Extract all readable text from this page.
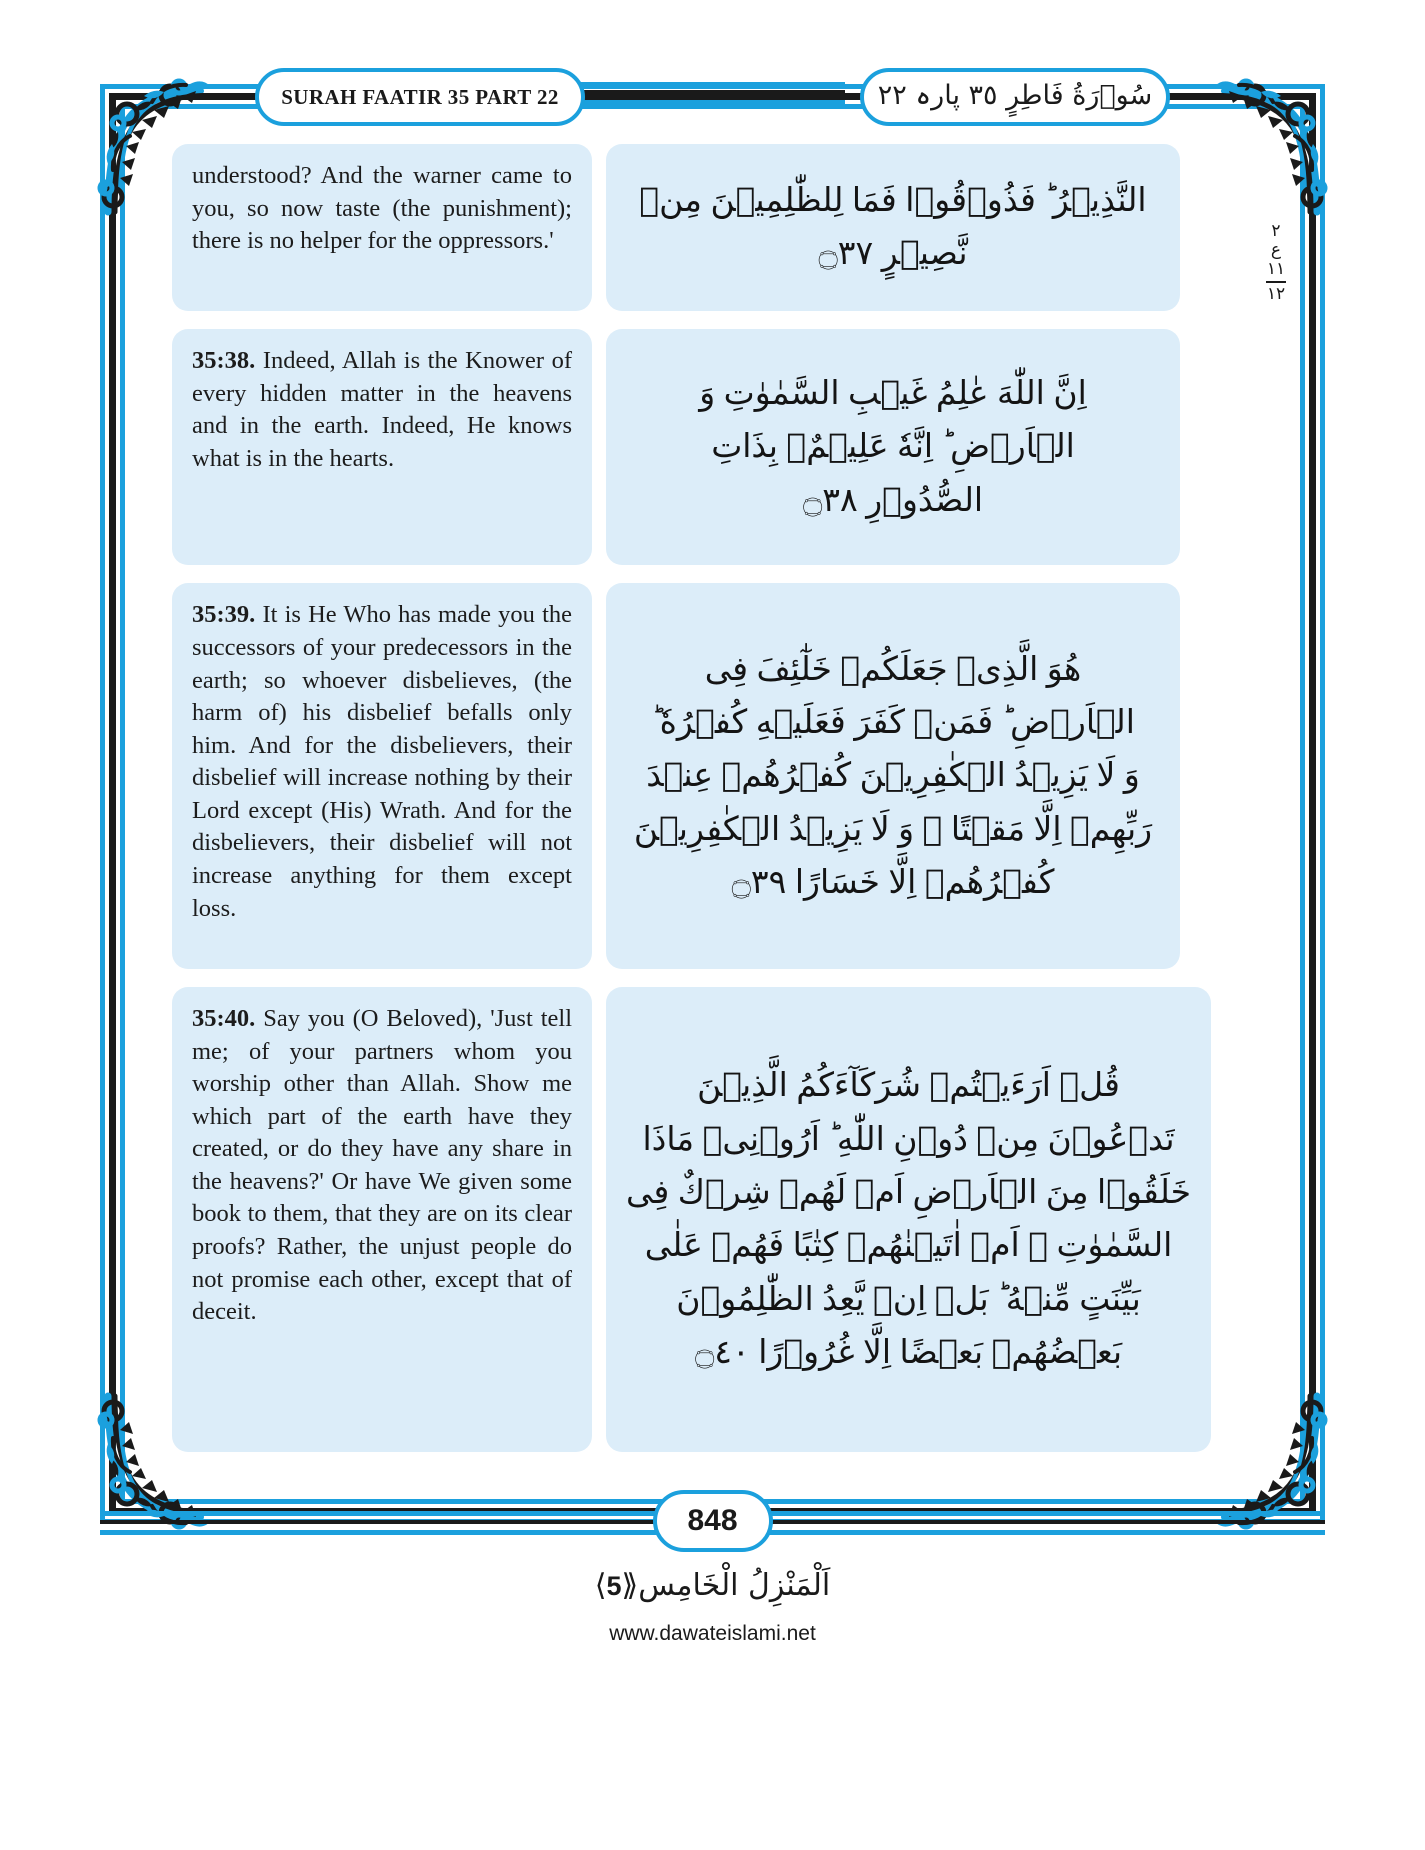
SURAH FAATIR 35 PART 22	سُوۡرَةُ فَاطِرٍ ٣٥ پارہ ٢٢
understood? And the warner came to you, so now taste (the punishment); there is no helper for the oppressors.'
النَّذِیۡرُ ؕ فَذُوۡقُوۡا فَمَا لِلظّٰلِمِیۡنَ مِنۡ
نَّصِیۡرٍ ۝٣٧
35:38. Indeed, Allah is the Knower of every hidden matter in the heavens and in the earth. Indeed, He knows what is in the hearts.
اِنَّ اللّٰهَ عٰلِمُ غَیۡبِ السَّمٰوٰتِ وَ
الۡاَرۡضِ ؕ اِنَّهٗ عَلِیۡمٌۢ بِذَاتِ
الصُّدُوۡرِ ۝٣٨
35:39. It is He Who has made you the successors of your predecessors in the earth; so whoever disbelieves, (the harm of) his disbelief befalls only him. And for the disbelievers, their disbelief will increase nothing by their Lord except (His) Wrath. And for the disbelievers, their disbelief will not increase anything for them except loss.
هُوَ الَّذِیۡ جَعَلَكُمۡ خَلٰٓئِفَ فِی
الۡاَرۡضِ ؕ فَمَنۡ كَفَرَ فَعَلَیۡهِ كُفۡرُهٗ ؕ
وَ لَا یَزِیۡدُ الۡكٰفِرِیۡنَ كُفۡرُهُمۡ عِنۡدَ
رَبِّهِمۡ اِلَّا مَقۡتًا ۚ وَ لَا یَزِیۡدُ الۡكٰفِرِیۡنَ
كُفۡرُهُمۡ اِلَّا خَسَارًا ۝٣٩
35:40. Say you (O Beloved), 'Just tell me; of your partners whom you worship other than Allah. Show me which part of the earth have they created, or do they have any share in the heavens?' Or have We given some book to them, that they are on its clear proofs? Rather, the unjust people do not promise each other, except that of deceit.
قُلۡ اَرَءَیۡتُمۡ شُرَكَآءَكُمُ الَّذِیۡنَ
تَدۡعُوۡنَ مِنۡ دُوۡنِ اللّٰهِ ؕ اَرُوۡنِیۡ مَاذَا
خَلَقُوۡا مِنَ الۡاَرۡضِ اَمۡ لَهُمۡ شِرۡكٌ فِی
السَّمٰوٰتِ ۚ اَمۡ اٰتَیۡنٰهُمۡ كِتٰبًا فَهُمۡ عَلٰی
بَیِّنَتٍ مِّنۡهُ ؕ بَلۡ اِنۡ یَّعِدُ الظّٰلِمُوۡنَ
بَعۡضُهُمۡ بَعۡضًا اِلَّا غُرُوۡرًا ۝٤٠
٢
ع
١١
١٢
848
اَلْمَنْزِلُ الْخَامِس⟪5⟩
www.dawateislami.net
